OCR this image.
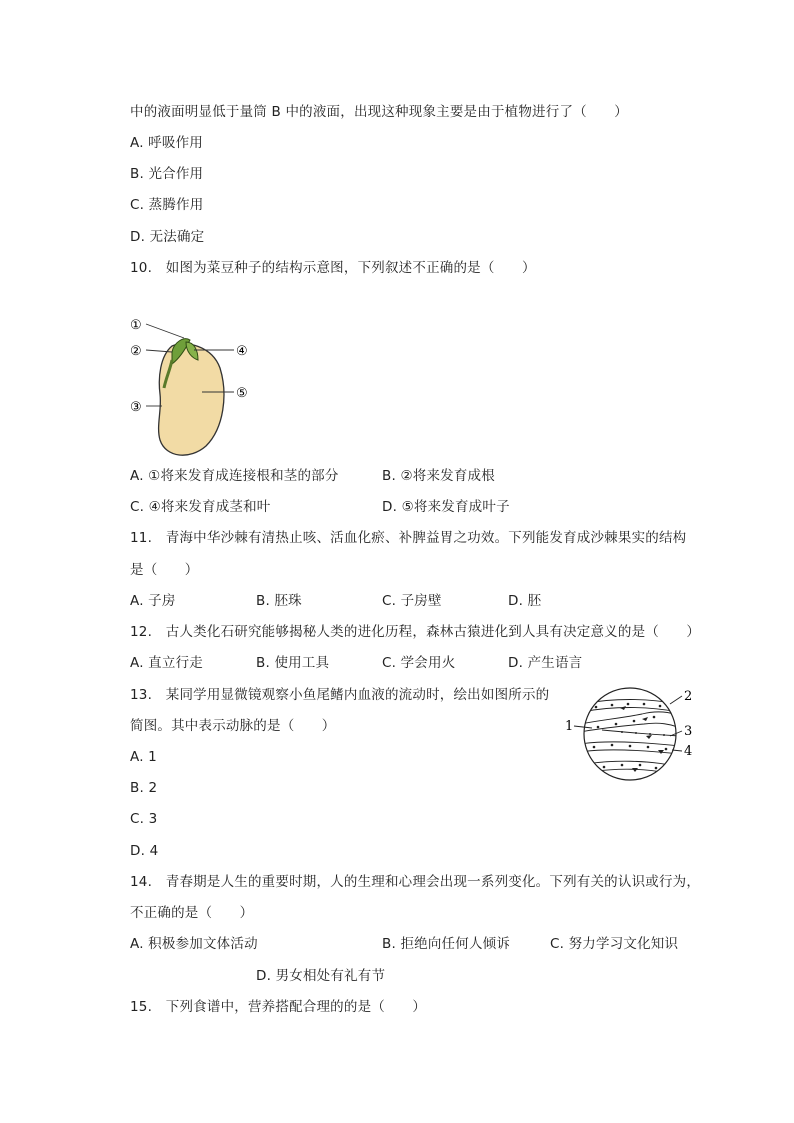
中的液面明显低于量筒 B 中的液面，出现这种现象主要是由于植物进行了（　　）
A. 呼吸作用
B. 光合作用
C. 蒸腾作用
D. 无法确定
10.　如图为菜豆种子的结构示意图，下列叙述不正确的是（　　）
①
②
③
④
⑤
A. ①将来发育成连接根和茎的部分	B. ②将来发育成根
C. ④将来发育成茎和叶	D. ⑤将来发育成叶子
11.　青海中华沙棘有清热止咳、活血化瘀、补脾益胃之功效。下列能发育成沙棘果实的结构
是（　　）
A. 子房	B. 胚珠	C. 子房壁	D. 胚
12.　古人类化石研究能够揭秘人类的进化历程，森林古猿进化到人具有决定意义的是（　　）
A. 直立行走	B. 使用工具	C. 学会用火	D. 产生语言
13.　某同学用显微镜观察小鱼尾鳍内血液的流动时，绘出如图所示的
简图。其中表示动脉的是（　　）	1
2
3
4
A. 1
B. 2
C. 3
D. 4
14.　青春期是人生的重要时期，人的生理和心理会出现一系列变化。下列有关的认识或行为，
不正确的是（　　）
A. 积极参加文体活动	B. 拒绝向任何人倾诉	C. 努力学习文化知识
D. 男女相处有礼有节
15.　下列食谱中，营养搭配合理的的是（　　）
